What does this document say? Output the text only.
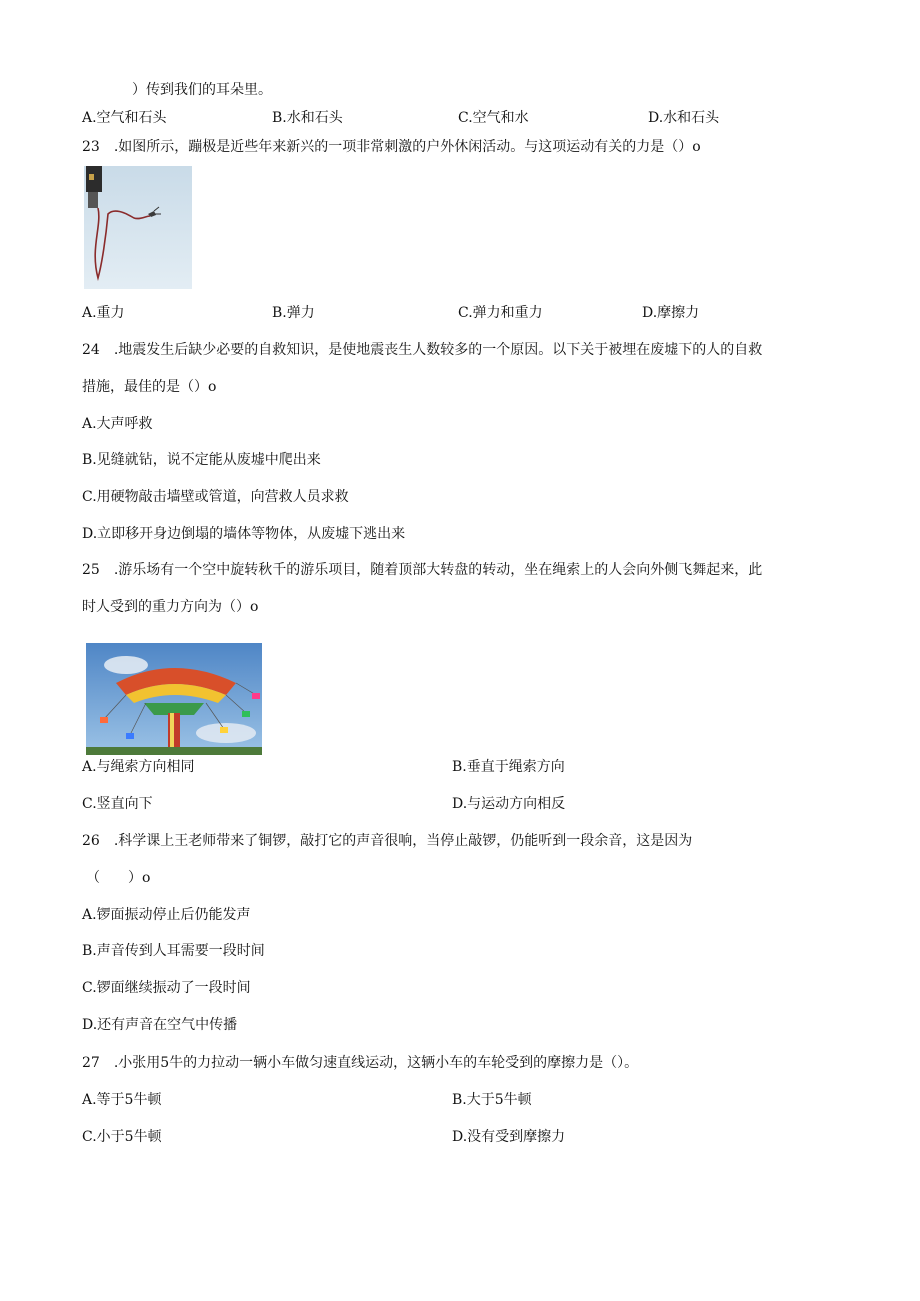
）传到我们的耳朵里。
A.空气和石头	B.水和石头	C.空气和水	D.水和石头
23　.如图所示，蹦极是近些年来新兴的一项非常刺激的户外休闲活动。与这项运动有关的力是（）o
A.重力	B.弹力	C.弹力和重力	D.摩擦力
24　.地震发生后缺少必要的自救知识，是使地震丧生人数较多的一个原因。以下关于被埋在废墟下的人的自救
措施，最佳的是（）o
A.大声呼救
B.见缝就钻，说不定能从废墟中爬出来
C.用硬物敲击墙壁或管道，向营救人员求救
D.立即移开身边倒塌的墙体等物体，从废墟下逃出来
25　.游乐场有一个空中旋转秋千的游乐项目，随着顶部大转盘的转动，坐在绳索上的人会向外侧飞舞起来，此
时人受到的重力方向为（）o
A.与绳索方向相同	B.垂直于绳索方向
C.竖直向下	D.与运动方向相反
26　.科学课上王老师带来了铜锣，敲打它的声音很响，当停止敲锣，仍能听到一段余音，这是因为
（　　）o
A.锣面振动停止后仍能发声
B.声音传到人耳需要一段时间
C.锣面继续振动了一段时间
D.还有声音在空气中传播
27　.小张用5牛的力拉动一辆小车做匀速直线运动，这辆小车的车轮受到的摩擦力是（）。
A.等于5牛顿	B.大于5牛顿
C.小于5牛顿	D.没有受到摩擦力
